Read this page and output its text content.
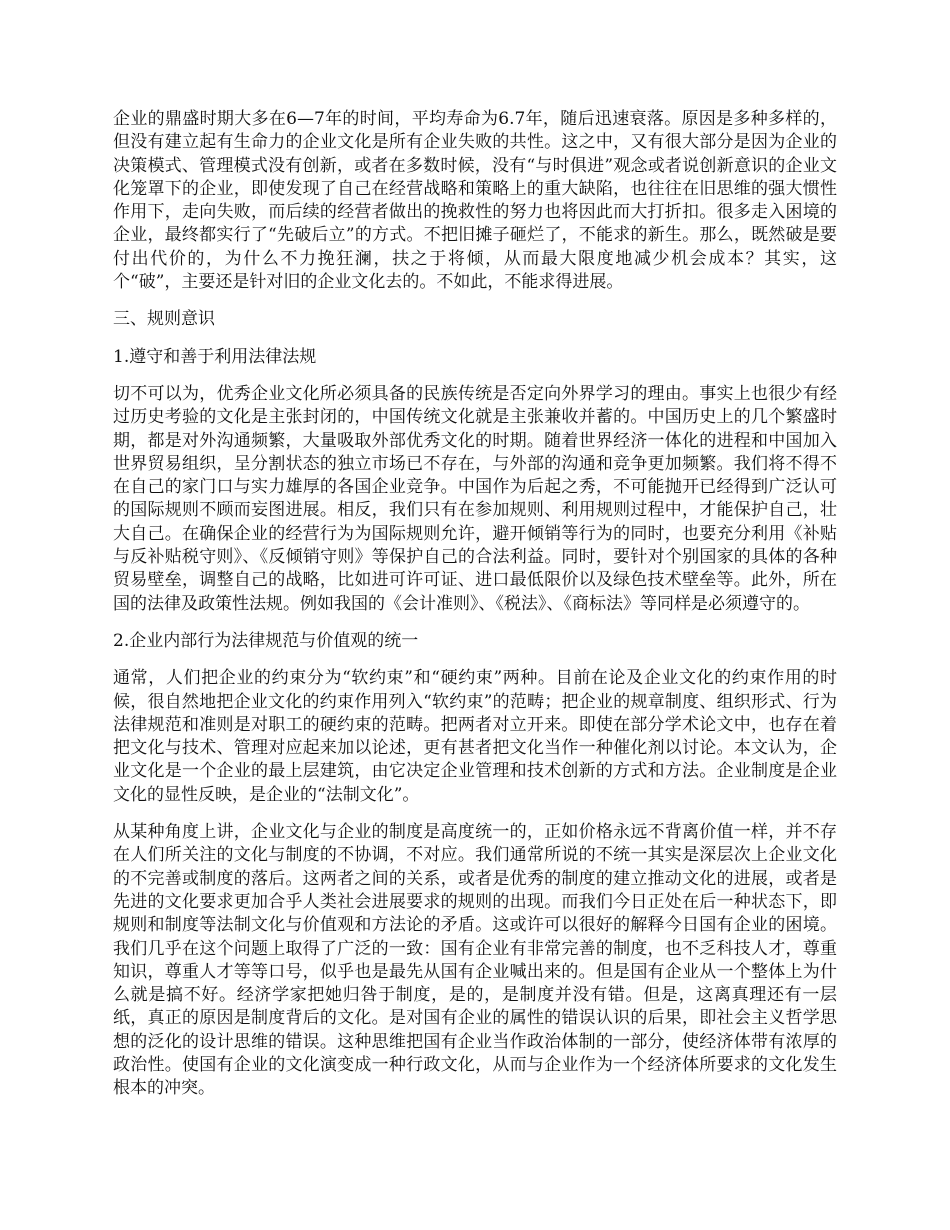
企业的鼎盛时期大多在6—7年的时间，平均寿命为6.7年，随后迅速衰落。原因是多种多样的，但没有建立起有生命力的企业文化是所有企业失败的共性。这之中，又有很大部分是因为企业的决策模式、管理模式没有创新，或者在多数时候，没有“与时俱进”观念或者说创新意识的企业文化笼罩下的企业，即使发现了自己在经营战略和策略上的重大缺陷，也往往在旧思维的强大惯性作用下，走向失败，而后续的经营者做出的挽救性的努力也将因此而大打折扣。很多走入困境的企业，最终都实行了“先破后立”的方式。不把旧摊子砸烂了，不能求的新生。那么，既然破是要付出代价的，为什么不力挽狂澜，扶之于将倾，从而最大限度地减少机会成本？其实，这个“破”，主要还是针对旧的企业文化去的。不如此，不能求得进展。

三、规则意识

1.遵守和善于利用法律法规

切不可以为，优秀企业文化所必须具备的民族传统是否定向外界学习的理由。事实上也很少有经过历史考验的文化是主张封闭的，中国传统文化就是主张兼收并蓄的。中国历史上的几个繁盛时期，都是对外沟通频繁，大量吸取外部优秀文化的时期。随着世界经济一体化的进程和中国加入世界贸易组织，呈分割状态的独立市场已不存在，与外部的沟通和竞争更加频繁。我们将不得不在自己的家门口与实力雄厚的各国企业竞争。中国作为后起之秀，不可能抛开已经得到广泛认可的国际规则不顾而妄图进展。相反，我们只有在参加规则、利用规则过程中，才能保护自己，壮大自己。在确保企业的经营行为为国际规则允许，避开倾销等行为的同时，也要充分利用《补贴与反补贴税守则》、《反倾销守则》等保护自己的合法利益。同时，要针对个别国家的具体的各种贸易壁垒，调整自己的战略，比如进可许可证、进口最低限价以及绿色技术壁垒等。此外，所在国的法律及政策性法规。例如我国的《会计准则》、《税法》、《商标法》等同样是必须遵守的。

2.企业内部行为法律规范与价值观的统一

通常，人们把企业的约束分为“软约束”和“硬约束”两种。目前在论及企业文化的约束作用的时候，很自然地把企业文化的约束作用列入“软约束”的范畴；把企业的规章制度、组织形式、行为法律规范和准则是对职工的硬约束的范畴。把两者对立开来。即使在部分学术论文中，也存在着把文化与技术、管理对应起来加以论述，更有甚者把文化当作一种催化剂以讨论。本文认为，企业文化是一个企业的最上层建筑，由它决定企业管理和技术创新的方式和方法。企业制度是企业文化的显性反映，是企业的“法制文化”。

从某种角度上讲，企业文化与企业的制度是高度统一的，正如价格永远不背离价值一样，并不存在人们所关注的文化与制度的不协调，不对应。我们通常所说的不统一其实是深层次上企业文化的不完善或制度的落后。这两者之间的关系，或者是优秀的制度的建立推动文化的进展，或者是先进的文化要求更加合乎人类社会进展要求的规则的出现。而我们今日正处在后一种状态下，即规则和制度等法制文化与价值观和方法论的矛盾。这或许可以很好的解释今日国有企业的困境。我们几乎在这个问题上取得了广泛的一致：国有企业有非常完善的制度，也不乏科技人才，尊重知识，尊重人才等等口号，似乎也是最先从国有企业喊出来的。但是国有企业从一个整体上为什么就是搞不好。经济学家把她归咎于制度，是的，是制度并没有错。但是，这离真理还有一层纸，真正的原因是制度背后的文化。是对国有企业的属性的错误认识的后果，即社会主义哲学思想的泛化的设计思维的错误。这种思维把国有企业当作政治体制的一部分，使经济体带有浓厚的政治性。使国有企业的文化演变成一种行政文化，从而与企业作为一个经济体所要求的文化发生根本的冲突。
